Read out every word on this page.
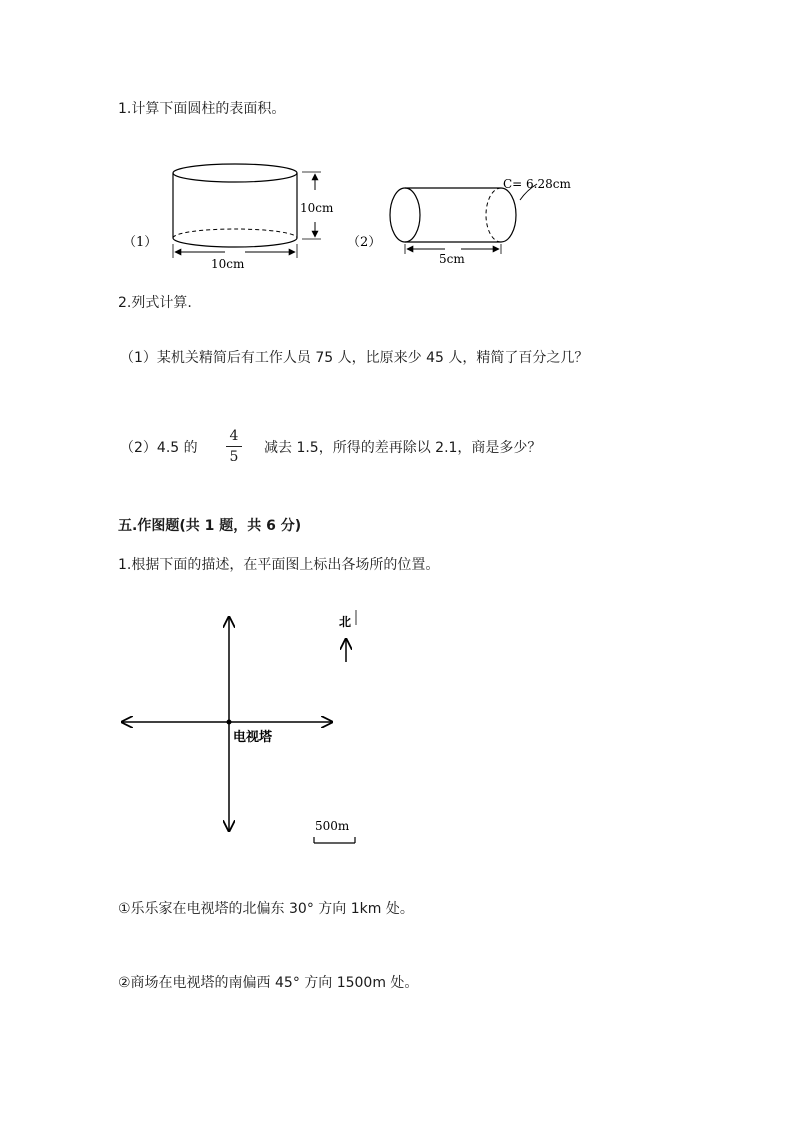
1.计算下面圆柱的表面积。
（1）
10cm
10cm
（2）
C= 6.28cm
5cm
2.列式计算.
（1）某机关精简后有工作人员 75 人，比原来少 45 人，精简了百分之几？
（2）4.5 的
4
5
减去 1.5，所得的差再除以 2.1，商是多少？
五.作图题(共 1 题，共 6 分)
1.根据下面的描述，在平面图上标出各场所的位置。
北
电视塔
500m
①乐乐家在电视塔的北偏东 30° 方向 1km 处。
②商场在电视塔的南偏西 45° 方向 1500m 处。
